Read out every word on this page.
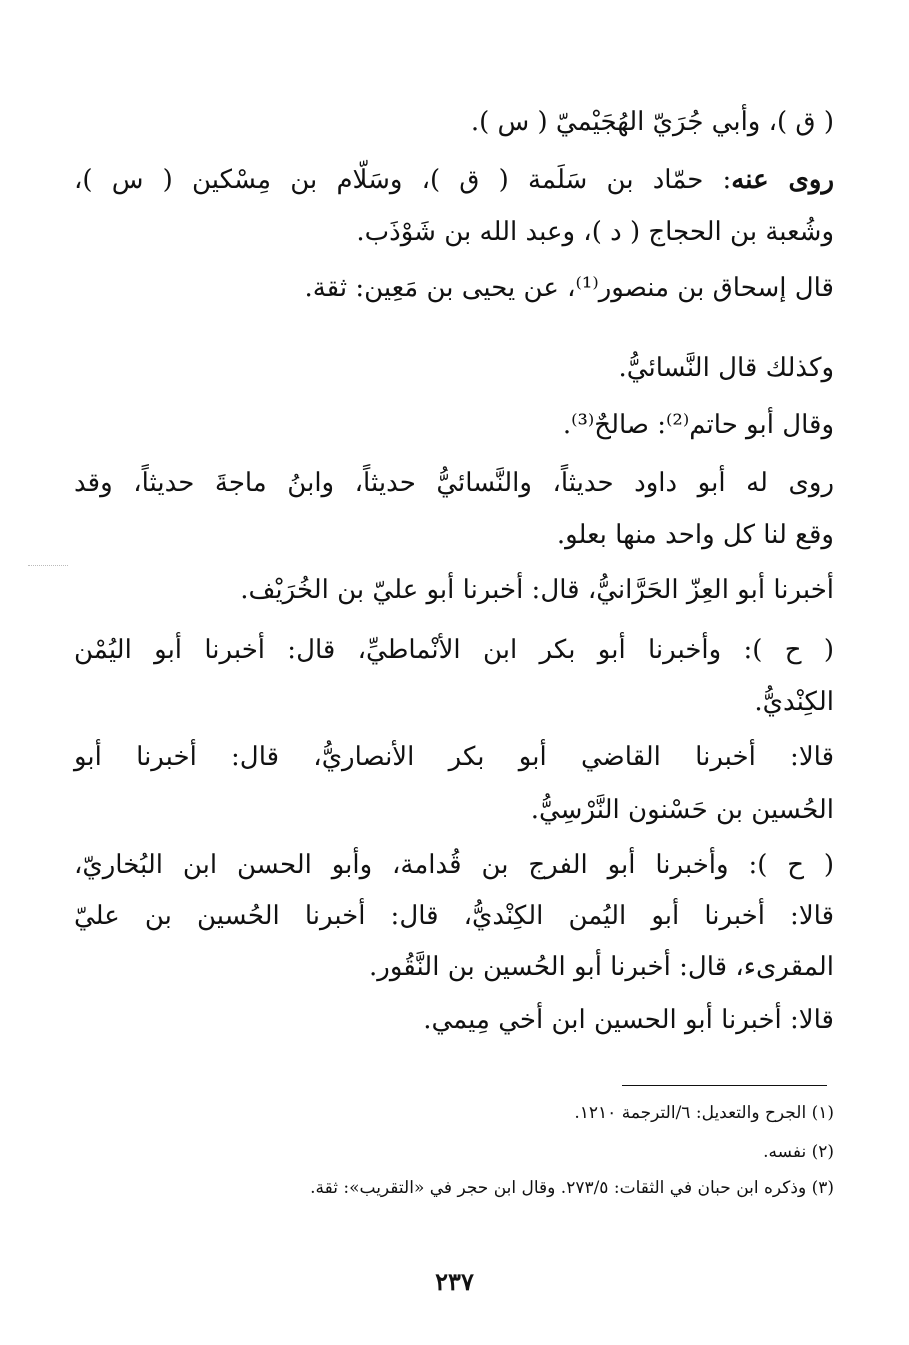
( ق )، وأبي جُرَيّ الهُجَيْميّ ( س ).
روى عنه: حمّاد بن سَلَمة ( ق )، وسَلّام بن مِسْكين ( س )،
وشُعبة بن الحجاج ( د )، وعبد الله بن شَوْذَب.
قال إسحاق بن منصور⁽¹⁾، عن يحيى بن مَعِين: ثقة.
وكذلك قال النَّسائيُّ.
وقال أبو حاتم⁽²⁾: صالحٌ⁽³⁾.
روى له أبو داود حديثاً، والنَّسائيُّ حديثاً، وابنُ ماجةَ حديثاً، وقد
وقع لنا كل واحد منها بعلو.
أخبرنا أبو العِزّ الحَرَّانيُّ، قال: أخبرنا أبو عليّ بن الخُرَيْف.
( ح ): وأخبرنا أبو بكر ابن الأنْماطيِّ، قال: أخبرنا أبو اليُمْن
الكِنْديُّ.
قالا: أخبرنا القاضي أبو بكر الأنصاريُّ، قال: أخبرنا أبو
الحُسين بن حَسْنون النَّرْسِيُّ.
( ح ): وأخبرنا أبو الفرج بن قُدامة، وأبو الحسن ابن البُخاريّ،
قالا: أخبرنا أبو اليُمن الكِنْديُّ، قال: أخبرنا الحُسين بن عليّ
المقرىء، قال: أخبرنا أبو الحُسين بن النَّقُور.
قالا: أخبرنا أبو الحسين ابن أخي مِيمي.
(١) الجرح والتعديل: ٦/الترجمة ١٢١٠.
(٢) نفسه.
(٣) وذكره ابن حبان في الثقات: ٢٧٣/٥. وقال ابن حجر في «التقريب»: ثقة.
٢٣٧
